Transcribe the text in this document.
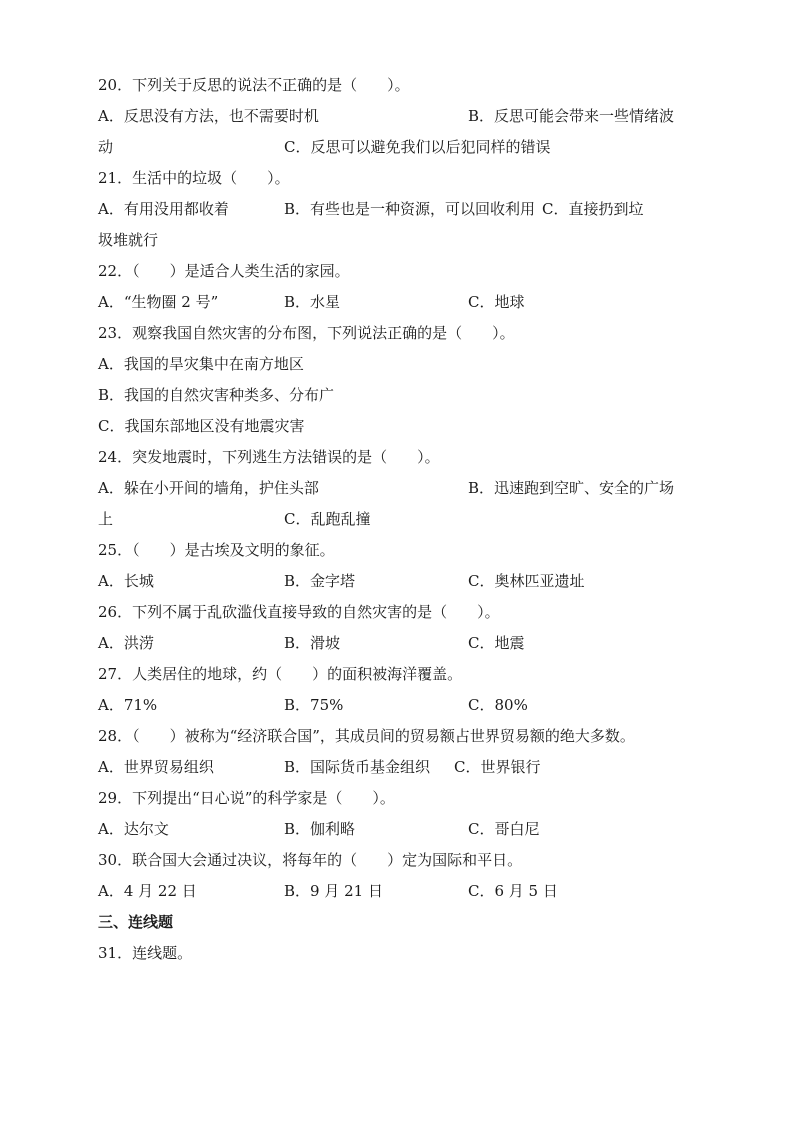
20．下列关于反思的说法不正确的是（　　）。
A．反思没有方法，也不需要时机	B．反思可能会带来一些情绪波
动	C．反思可以避免我们以后犯同样的错误
21．生活中的垃圾（　　）。
A．有用没用都收着	B．有些也是一种资源，可以回收利用 C．直接扔到垃
圾堆就行
22．（　　）是适合人类生活的家园。
A．“生物圈 2 号”	B．水星	C．地球
23．观察我国自然灾害的分布图，下列说法正确的是（　　）。
A．我国的旱灾集中在南方地区
B．我国的自然灾害种类多、分布广
C．我国东部地区没有地震灾害
24．突发地震时，下列逃生方法错误的是（　　）。
A．躲在小开间的墙角，护住头部	B．迅速跑到空旷、安全的广场
上	C．乱跑乱撞
25．（　　）是古埃及文明的象征。
A．长城	B．金字塔	C．奥林匹亚遗址
26．下列不属于乱砍滥伐直接导致的自然灾害的是（　　）。
A．洪涝	B．滑坡	C．地震
27．人类居住的地球，约（　　）的面积被海洋覆盖。
A．71%	B．75%	C．80%
28．（　　）被称为“经济联合国”，其成员间的贸易额占世界贸易额的绝大多数。
A．世界贸易组织	B．国际货币基金组织 C．世界银行
29．下列提出“日心说”的科学家是（　　）。
A．达尔文	B．伽利略	C．哥白尼
30．联合国大会通过决议，将每年的（　　）定为国际和平日。
A．4 月 22 日	B．9 月 21 日	C．6 月 5 日
三、连线题
31．连线题。
